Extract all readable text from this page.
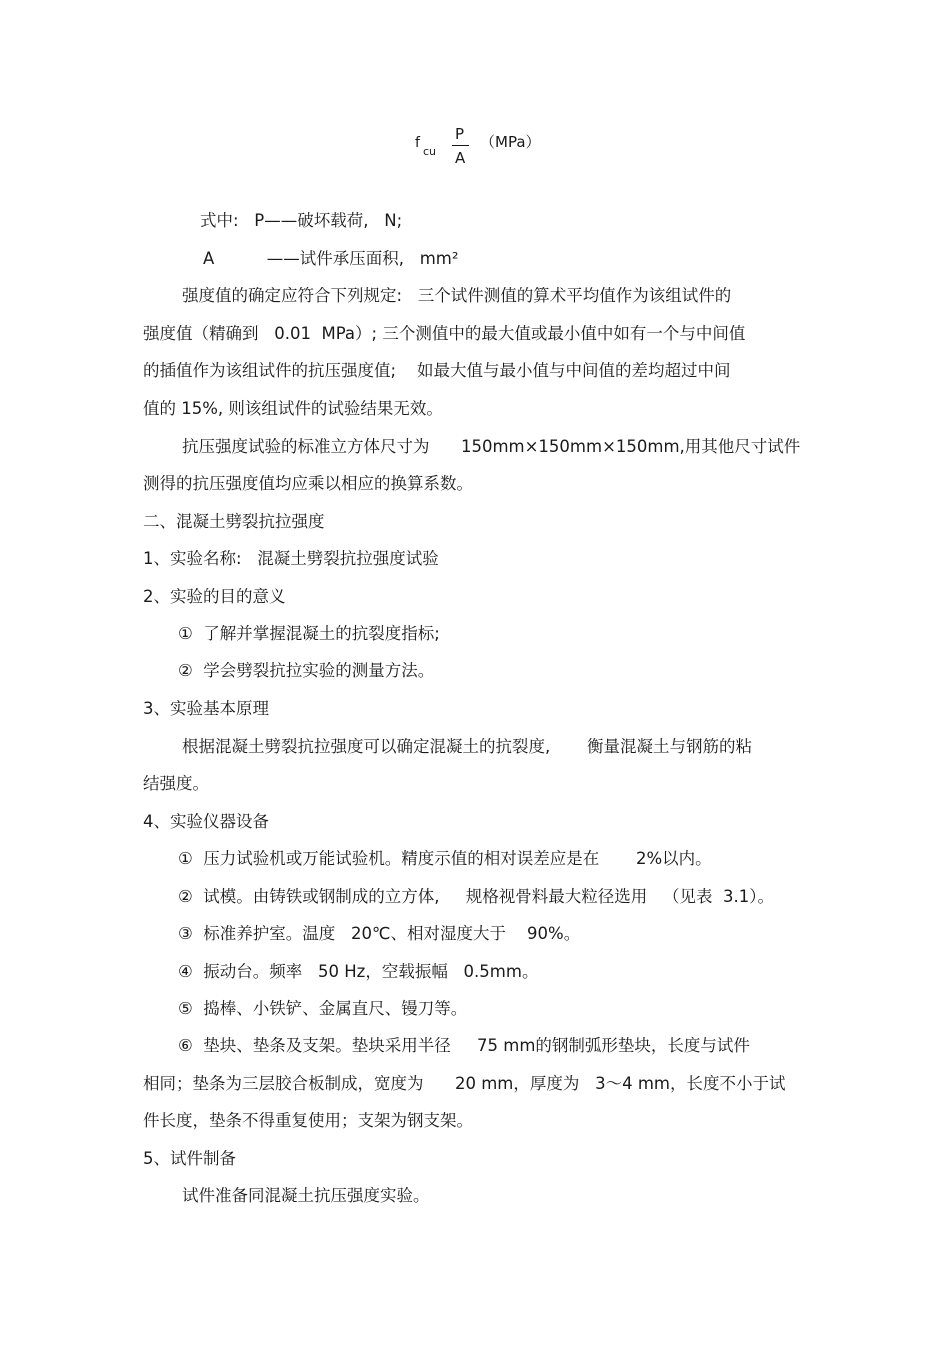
f
cu
P
A
（MPa）
式中:   P——破坏载荷,   N;
A          ——试件承压面积,   mm²
强度值的确定应符合下列规定:   三个试件测值的算术平均值作为该组试件的
强度值（精确到   0.01  MPa）; 三个测值中的最大值或最小值中如有一个与中间值
的插值作为该组试件的抗压强度值;    如最大值与最小值与中间值的差均超过中间
值的 15%, 则该组试件的试验结果无效。
抗压强度试验的标准立方体尺寸为      150mm×150mm×150mm,用其他尺寸试件
测得的抗压强度值均应乘以相应的换算系数。
二、混凝土劈裂抗拉强度
1、实验名称:   混凝土劈裂抗拉强度试验
2、实验的目的意义
①  了解并掌握混凝土的抗裂度指标;
②  学会劈裂抗拉实验的测量方法。
3、实验基本原理
根据混凝土劈裂抗拉强度可以确定混凝土的抗裂度,       衡量混凝土与钢筋的粘
结强度。
4、实验仪器设备
①  压力试验机或万能试验机。精度示值的相对误差应是在       2%以内。
②  试模。由铸铁或钢制成的立方体,     规格视骨料最大粒径选用   （见表  3.1）。
③  标准养护室。温度   20℃、相对湿度大于    90%。
④  振动台。频率   50 Hz，空载振幅   0.5mm。
⑤  捣棒、小铁铲、金属直尺、镘刀等。
⑥  垫块、垫条及支架。垫块采用半径     75 mm的钢制弧形垫块，长度与试件
相同；垫条为三层胶合板制成，宽度为      20 mm，厚度为   3～4 mm，长度不小于试
件长度，垫条不得重复使用；支架为钢支架。
5、试件制备
试件准备同混凝土抗压强度实验。
